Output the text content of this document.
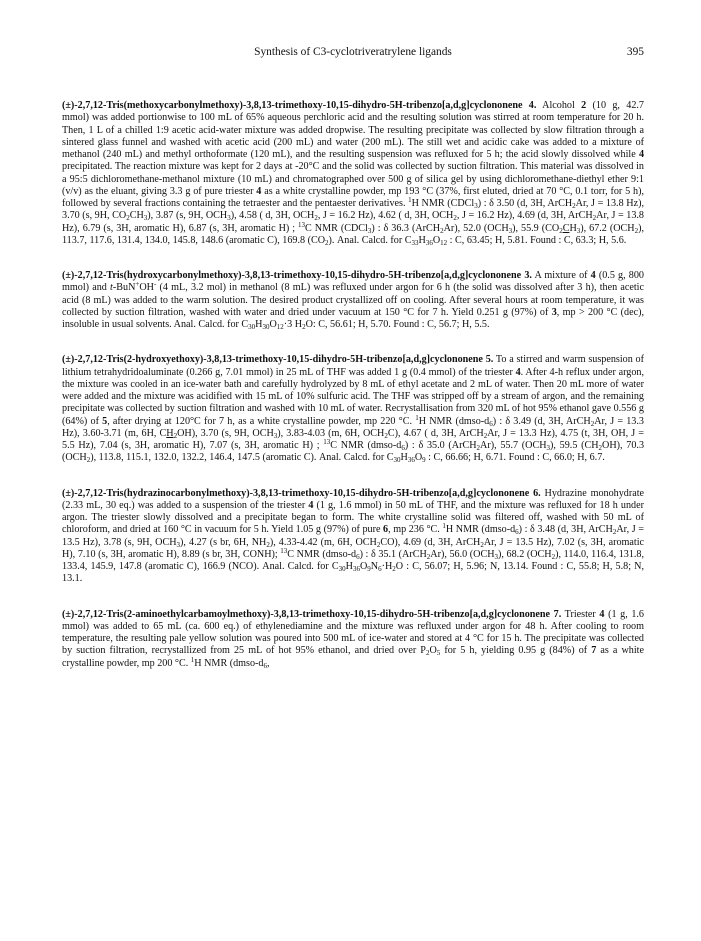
Synthesis of C3-cyclotriveratrylene ligands	395

(±)-2,7,12-Tris(methoxycarbonylmethoxy)-3,8,13-trimethoxy-10,15-dihydro-5H-tribenzo[a,d,g]cyclononene 4. Alcohol 2 (10 g, 42.7 mmol) was added portionwise to 100 mL of 65% aqueous perchloric acid and the resulting solution was stirred at room temperature for 20 h. Then, 1 L of a chilled 1:9 acetic acid-water mixture was added dropwise. The resulting precipitate was collected by slow filtration through a sintered glass funnel and washed with acetic acid (200 mL) and water (200 mL). The still wet and acidic cake was added to a mixture of methanol (240 mL) and methyl orthoformate (120 mL), and the resulting suspension was refluxed for 5 h; the acid slowly dissolved while 4 precipitated. The reaction mixture was kept for 2 days at -20°C and the solid was collected by suction filtration. This material was dissolved in a 95:5 dichloromethane-methanol mixture (10 mL) and chromatographed over 500 g of silica gel by using dichloromethane-diethyl ether 9:1 (v/v) as the eluant, giving 3.3 g of pure triester 4 as a white crystalline powder, mp 193 °C (37%, first eluted, dried at 70 °C, 0.1 torr, for 5 h), followed by several fractions containing the tetraester and the pentaester derivatives. $^1$H NMR (CDCl$_3$) : δ 3.50 (d, 3H, ArCH$_2$Ar, J = 13.8 Hz), 3.70 (s, 9H, $CO_2CH_3$), 3.87 (s, 9H, $OCH_3$), 4.58 ( d, 3H, $OCH_2$, J = 16.2 Hz), 4.62 ( d, 3H, $OCH_2$, J = 16.2 Hz), 4.69 (d, 3H, ArCH$_2$Ar, J = 13.8 Hz), 6.79 (s, 3H, aromatic H), 6.87 (s, 3H, aromatic H) ; $^{13}$C NMR (CDCl$_3$) : δ 36.3 (ArCH$_2$Ar), 52.0 $(OCH_3)$, 55.9 $(CO_2CH_3)$, 67.2 $(OCH_2)$, 113.7, 117.6, 131.4, 134.0, 145.8, 148.6 (aromatic C), 169.8 $(CO_2)$. Anal. Calcd. for $C_{33}H_{36}O_{12}$ : C, 63.45; H, 5.81. Found : C, 63.3; H, 5.6.

(±)-2,7,12-Tris(hydroxycarbonylmethoxy)-3,8,13-trimethoxy-10,15-dihydro-5H-tribenzo[a,d,g]cyclononene 3. A mixture of 4 (0.5 g, 800 mmol) and t-BuN+OH- (4 mL, 3.2 mol) in methanol (8 mL) was refluxed under argon for 6 h (the solid was dissolved after 3 h), then acetic acid (8 mL) was added to the warm solution. The desired product crystallized off on cooling. After several hours at room temperature, it was collected by suction filtration, washed with water and dried under vacuum at 150 °C for 7 h. Yield 0.251 g (97%) of 3, mp > 200 °C (dec), insoluble in usual solvents. Anal. Calcd. for $C_{30}H_{30}O_{12}\cdot 3$ $H_2O$: C, 56.61; H, 5.70. Found : C, 56.7; H, 5.5.

(±)-2,7,12-Tris(2-hydroxyethoxy)-3,8,13-trimethoxy-10,15-dihydro-5H-tribenzo[a,d,g]cyclononene 5. To a stirred and warm suspension of lithium tetrahydridoaluminate (0.266 g, 7.01 mmol) in 25 mL of THF was added 1 g (0.4 mmol) of the triester 4. After 4-h reflux under argon, the mixture was cooled in an ice-water bath and carefully hydrolyzed by 8 mL of ethyl acetate and 2 mL of water. Then 20 mL more of water were added and the mixture was acidified with 15 mL of 10% sulfuric acid. The THF was stripped off by a stream of argon, and the remaining precipitate was collected by suction filtration and washed with 10 mL of water. Recrystallisation from 320 mL of hot 95% ethanol gave 0.556 g (64%) of 5, after drying at 120°C for 7 h, as a white crystalline powder, mp 220 °C. $^1$H NMR $(dmso-d_6)$ : δ 3.49 (d, 3H, ArCH$_2$Ar, J = 13.3 Hz), 3.60-3.71 (m, 6H, $CH_2OH$), 3.70 (s, 9H, $OCH_3$), 3.83-4.03 (m, 6H, $OCH_2C$), 4.67 ( d, 3H, ArCH$_2$Ar, J = 13.3 Hz), 4.75 (t, 3H, OH, J = 5.5 Hz), 7.04 (s, 3H, aromatic H), 7.07 (s, 3H, aromatic H) ; $^{13}$C NMR $(dmso-d_6)$ : δ 35.0 (ArCH$_2$Ar), 55.7 $(OCH_3)$, 59.5 $(CH_2OH)$, 70.3 $(OCH_2)$, 113.8, 115.1, 132.0, 132.2, 146.4, 147.5 (aromatic C). Anal. Calcd. for $C_{30}H_{36}O_9$ : C, 66.66; H, 6.71. Found : C, 66.0; H, 6.7.

(±)-2,7,12-Tris(hydrazinocarbonylmethoxy)-3,8,13-trimethoxy-10,15-dihydro-5H-tribenzo[a,d,g]cyclononene 6. Hydrazine monohydrate (2.33 mL, 30 eq.) was added to a suspension of the triester 4 (1 g, 1.6 mmol) in 50 mL of THF, and the mixture was refluxed for 18 h under argon. The triester slowly dissolved and a precipitate began to form. The white crystalline solid was filtered off, washed with 50 mL of chloroform, and dried at 160 °C in vacuum for 5 h. Yield 1.05 g (97%) of pure 6, mp 236 °C. $^1$H NMR $(dmso-d_6)$ : δ 3.48 (d, 3H, ArCH$_2$Ar, J = 13.5 Hz), 3.78 (s, 9H, $OCH_3$), 4.27 (s br, 6H, $NH_2$), 4.33-4.42 (m, 6H, $OCH_2CO$), 4.69 (d, 3H, ArCH$_2$Ar, J = 13.5 Hz), 7.02 (s, 3H, aromatic H), 7.10 (s, 3H, aromatic H), 8.89 (s br, 3H, CONH); $^{13}$C NMR $(dmso-d_6)$ : δ 35.1 (ArCH$_2$Ar), 56.0 $(OCH_3)$, 68.2 $(OCH_2)$, 114.0, 116.4, 131.8, 133.4, 145.9, 147.8 (aromatic C), 166.9 (NCO). Anal. Calcd. for $C_{30}H_{36}O_9N_6\cdot H_2O$ : C, 56.07; H, 5.96; N, 13.14. Found : C, 55.8; H, 5.8; N, 13.1.

(±)-2,7,12-Tris(2-aminoethylcarbamoylmethoxy)-3,8,13-trimethoxy-10,15-dihydro-5H-tribenzo[a,d,g]cyclononene 7. Triester 4 (1 g, 1.6 mmol) was added to 65 mL (ca. 600 eq.) of ethylenediamine and the mixture was refluxed under argon for 48 h. After cooling to room temperature, the resulting pale yellow solution was poured into 500 mL of ice-water and stored at 4 °C for 15 h. The precipitate was collected by suction filtration, recrystallized from 25 mL of hot 95% ethanol, and dried over $P_2O_5$ for 5 h, yielding 0.95 g (84%) of 7 as a white crystalline powder, mp 200 °C. $^1$H NMR ($dmso-d_6$,
